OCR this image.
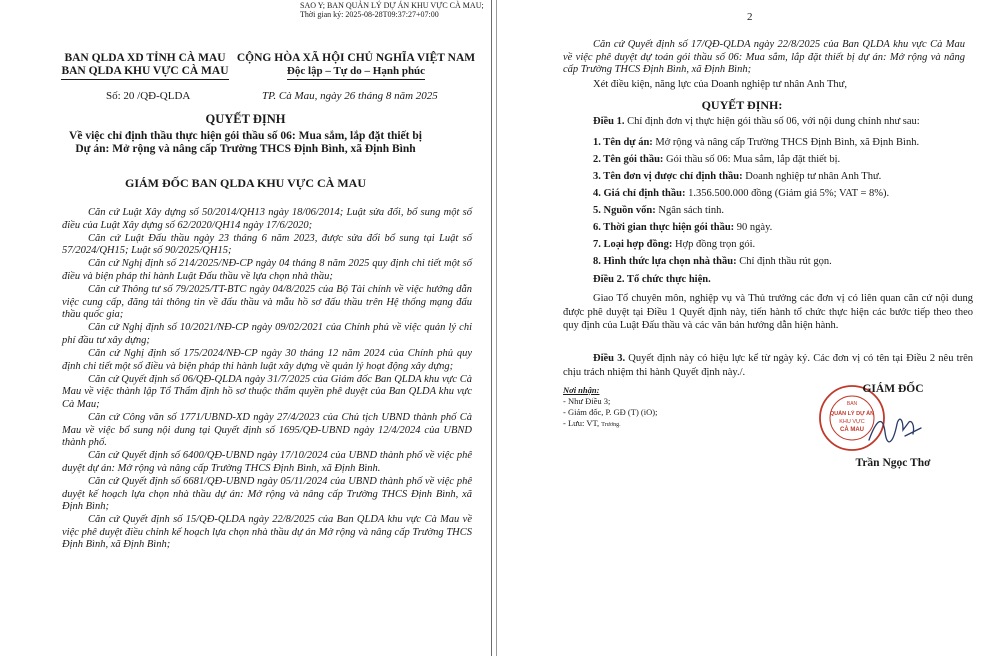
SAO Y; BAN QUẢN LÝ DỰ ÁN KHU VỰC CÀ MAU;
Thời gian ký: 2025-08-28T09:37:27+07:00
BAN QLDA XD TỈNH CÀ MAU
BAN QLDA KHU VỰC CÀ MAU
CỘNG HÒA XÃ HỘI CHỦ NGHĨA VIỆT NAM
Độc lập – Tự do – Hạnh phúc
Số: 20 /QĐ-QLDA	TP. Cà Mau, ngày 26 tháng 8 năm 2025
QUYẾT ĐỊNH
Về việc chỉ định thầu thực hiện gói thầu số 06: Mua sắm, lắp đặt thiết bị
Dự án: Mở rộng và nâng cấp Trường THCS Định Bình, xã Định Bình
GIÁM ĐỐC BAN QLDA KHU VỰC CÀ MAU

Căn cứ Luật Xây dựng số 50/2014/QH13 ngày 18/06/2014; Luật sửa đổi, bổ sung một số điều của Luật Xây dựng số 62/2020/QH14 ngày 17/6/2020;

Căn cứ Luật Đấu thầu ngày 23 tháng 6 năm 2023, được sửa đổi bổ sung tại Luật số 57/2024/QH15; Luật số 90/2025/QH15;

Căn cứ Nghị định số 214/2025/NĐ-CP ngày 04 tháng 8 năm 2025 quy định chi tiết một số điều và biện pháp thi hành Luật Đấu thầu về lựa chọn nhà thầu;

Căn cứ Thông tư số 79/2025/TT-BTC ngày 04/8/2025 của Bộ Tài chính về việc hướng dẫn việc cung cấp, đăng tải thông tin về đấu thầu và mẫu hồ sơ đấu thầu trên Hệ thống mạng đấu thầu quốc gia;

Căn cứ Nghị định số 10/2021/NĐ-CP ngày 09/02/2021 của Chính phủ về việc quản lý chi phí đầu tư xây dựng;

Căn cứ Nghị định số 175/2024/NĐ-CP ngày 30 tháng 12 năm 2024 của Chính phủ quy định chi tiết một số điều và biện pháp thi hành luật xây dựng về quản lý hoạt động xây dựng;

Căn cứ Quyết định số 06/QĐ-QLDA ngày 31/7/2025 của Giám đốc Ban QLDA khu vực Cà Mau về việc thành lập Tổ Thẩm định hồ sơ thuộc thẩm quyền phê duyệt của Ban QLDA khu vực Cà Mau;

Căn cứ Công văn số 1771/UBND-XD ngày 27/4/2023 của Chủ tịch UBND thành phố Cà Mau về việc bổ sung nội dung tại Quyết định số 1695/QĐ-UBND ngày 12/4/2024 của UBND thành phố.

Căn cứ Quyết định số 6400/QĐ-UBND ngày 17/10/2024 của UBND thành phố về việc phê duyệt dự án: Mở rộng và nâng cấp Trường THCS Định Bình, xã Định Bình.

Căn cứ Quyết định số 6681/QĐ-UBND ngày 05/11/2024 của UBND thành phố về việc phê duyệt kế hoạch lựa chọn nhà thầu dự án: Mở rộng và nâng cấp Trường THCS Định Bình, xã Định Bình;

Căn cứ Quyết định số 15/QĐ-QLDA ngày 22/8/2025 của Ban QLDA khu vực Cà Mau về việc phê duyệt điều chỉnh kế hoạch lựa chọn nhà thầu dự án Mở rộng và nâng cấp Trường THCS Định Bình, xã Định Bình;

2

Căn cứ Quyết định số 17/QĐ-QLDA ngày 22/8/2025 của Ban QLDA khu vực Cà Mau về việc phê duyệt dự toán gói thầu số 06: Mua sắm, lắp đặt thiết bị dự án: Mở rộng và nâng cấp Trường THCS Định Bình, xã Định Bình;

Xét điều kiện, năng lực của Doanh nghiệp tư nhân Anh Thư,
QUYẾT ĐỊNH:
Điều 1. Chỉ định đơn vị thực hiện gói thầu số 06, với nội dung chính như sau:
1. Tên dự án: Mở rộng và nâng cấp Trường THCS Định Bình, xã Định Bình.
2. Tên gói thầu: Gói thầu số 06: Mua sắm, lắp đặt thiết bị.
3. Tên đơn vị được chỉ định thầu: Doanh nghiệp tư nhân Anh Thư.
4. Giá chỉ định thầu: 1.356.500.000 đồng (Giảm giá 5%; VAT = 8%).
5. Nguồn vốn: Ngân sách tỉnh.
6. Thời gian thực hiện gói thầu: 90 ngày.
7. Loại hợp đồng: Hợp đồng trọn gói.
8. Hình thức lựa chọn nhà thầu: Chỉ định thầu rút gọn.
Điều 2. Tổ chức thực hiện.
Giao Tổ chuyên môn, nghiệp vụ và Thủ trưởng các đơn vị có liên quan căn cứ nội dung được phê duyệt tại Điều 1 Quyết định này, tiến hành tổ chức thực hiện các bước tiếp theo theo quy định của Luật Đấu thầu và các văn bản hướng dẫn hiện hành.
Điều 3. Quyết định này có hiệu lực kể từ ngày ký. Các đơn vị có tên tại Điều 2 nêu trên chịu trách nhiệm thi hành Quyết định này./.
Nơi nhận:
- Như Điều 3;
- Giám đốc, P. GĐ (T) (iO);
- Lưu: VT, Trương.
BAN
QUẢN LÝ DỰ ÁN
KHU VỰC
CÀ MAU
GIÁM ĐỐC
Trần Ngọc Thơ
